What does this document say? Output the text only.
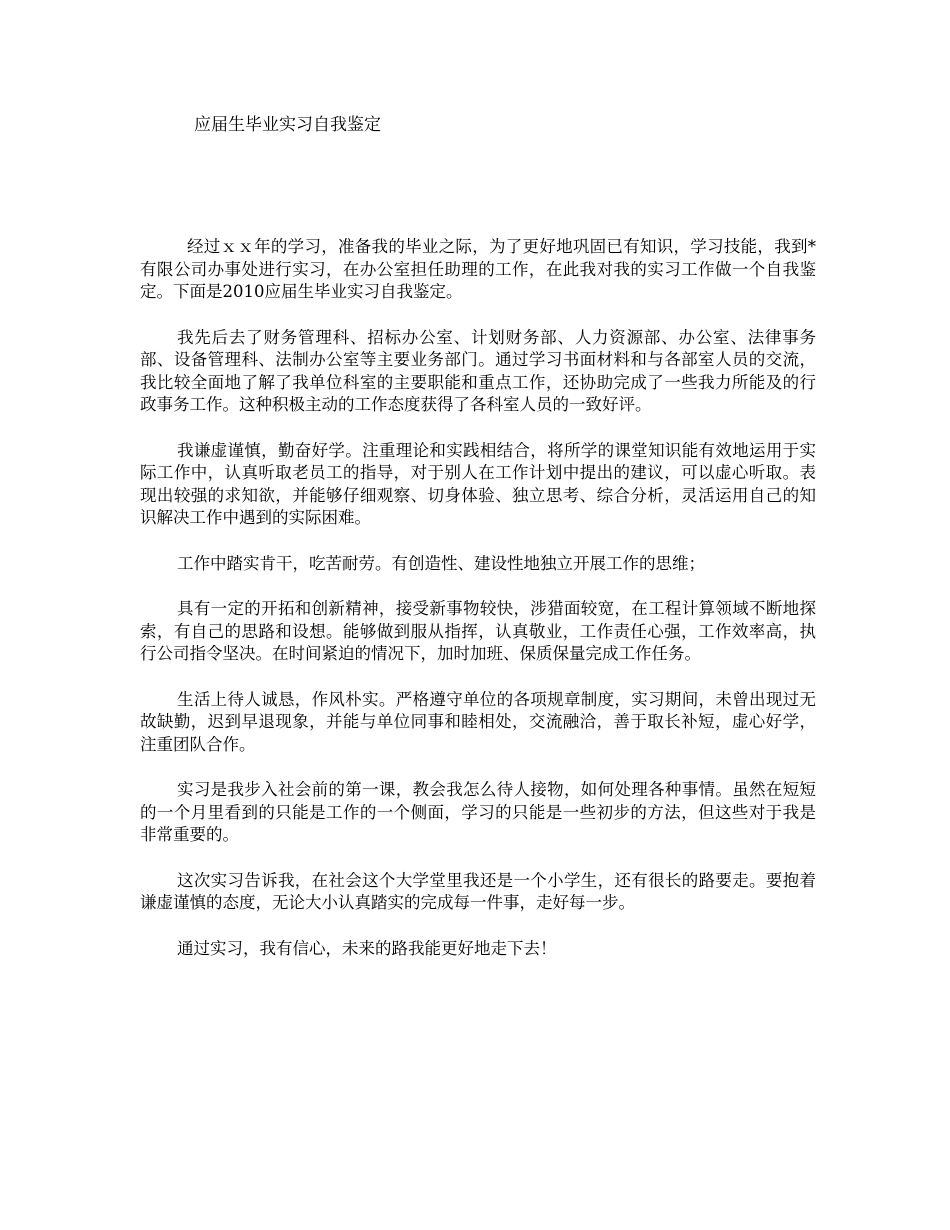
应届生毕业实习自我鉴定

经过ｘｘ年的学习，准备我的毕业之际，为了更好地巩固已有知识，学习技能，我到*有限公司办事处进行实习，在办公室担任助理的工作，在此我对我的实习工作做一个自我鉴定。下面是2010应届生毕业实习自我鉴定。

我先后去了财务管理科、招标办公室、计划财务部、人力资源部、办公室、法律事务部、设备管理科、法制办公室等主要业务部门。通过学习书面材料和与各部室人员的交流，我比较全面地了解了我单位科室的主要职能和重点工作，还协助完成了一些我力所能及的行政事务工作。这种积极主动的工作态度获得了各科室人员的一致好评。

我谦虚谨慎，勤奋好学。注重理论和实践相结合，将所学的课堂知识能有效地运用于实际工作中，认真听取老员工的指导，对于别人在工作计划中提出的建议，可以虚心听取。表现出较强的求知欲，并能够仔细观察、切身体验、独立思考、综合分析，灵活运用自己的知识解决工作中遇到的实际困难。

工作中踏实肯干，吃苦耐劳。有创造性、建设性地独立开展工作的思维；

具有一定的开拓和创新精神，接受新事物较快，涉猎面较宽，在工程计算领域不断地探索，有自己的思路和设想。能够做到服从指挥，认真敬业，工作责任心强，工作效率高，执行公司指令坚决。在时间紧迫的情况下，加时加班、保质保量完成工作任务。

生活上待人诚恳，作风朴实。严格遵守单位的各项规章制度，实习期间，未曾出现过无故缺勤，迟到早退现象，并能与单位同事和睦相处，交流融洽，善于取长补短，虚心好学，注重团队合作。

实习是我步入社会前的第一课，教会我怎么待人接物，如何处理各种事情。虽然在短短的一个月里看到的只能是工作的一个侧面，学习的只能是一些初步的方法，但这些对于我是非常重要的。

这次实习告诉我，在社会这个大学堂里我还是一个小学生，还有很长的路要走。要抱着谦虚谨慎的态度，无论大小认真踏实的完成每一件事，走好每一步。

通过实习，我有信心，未来的路我能更好地走下去！
